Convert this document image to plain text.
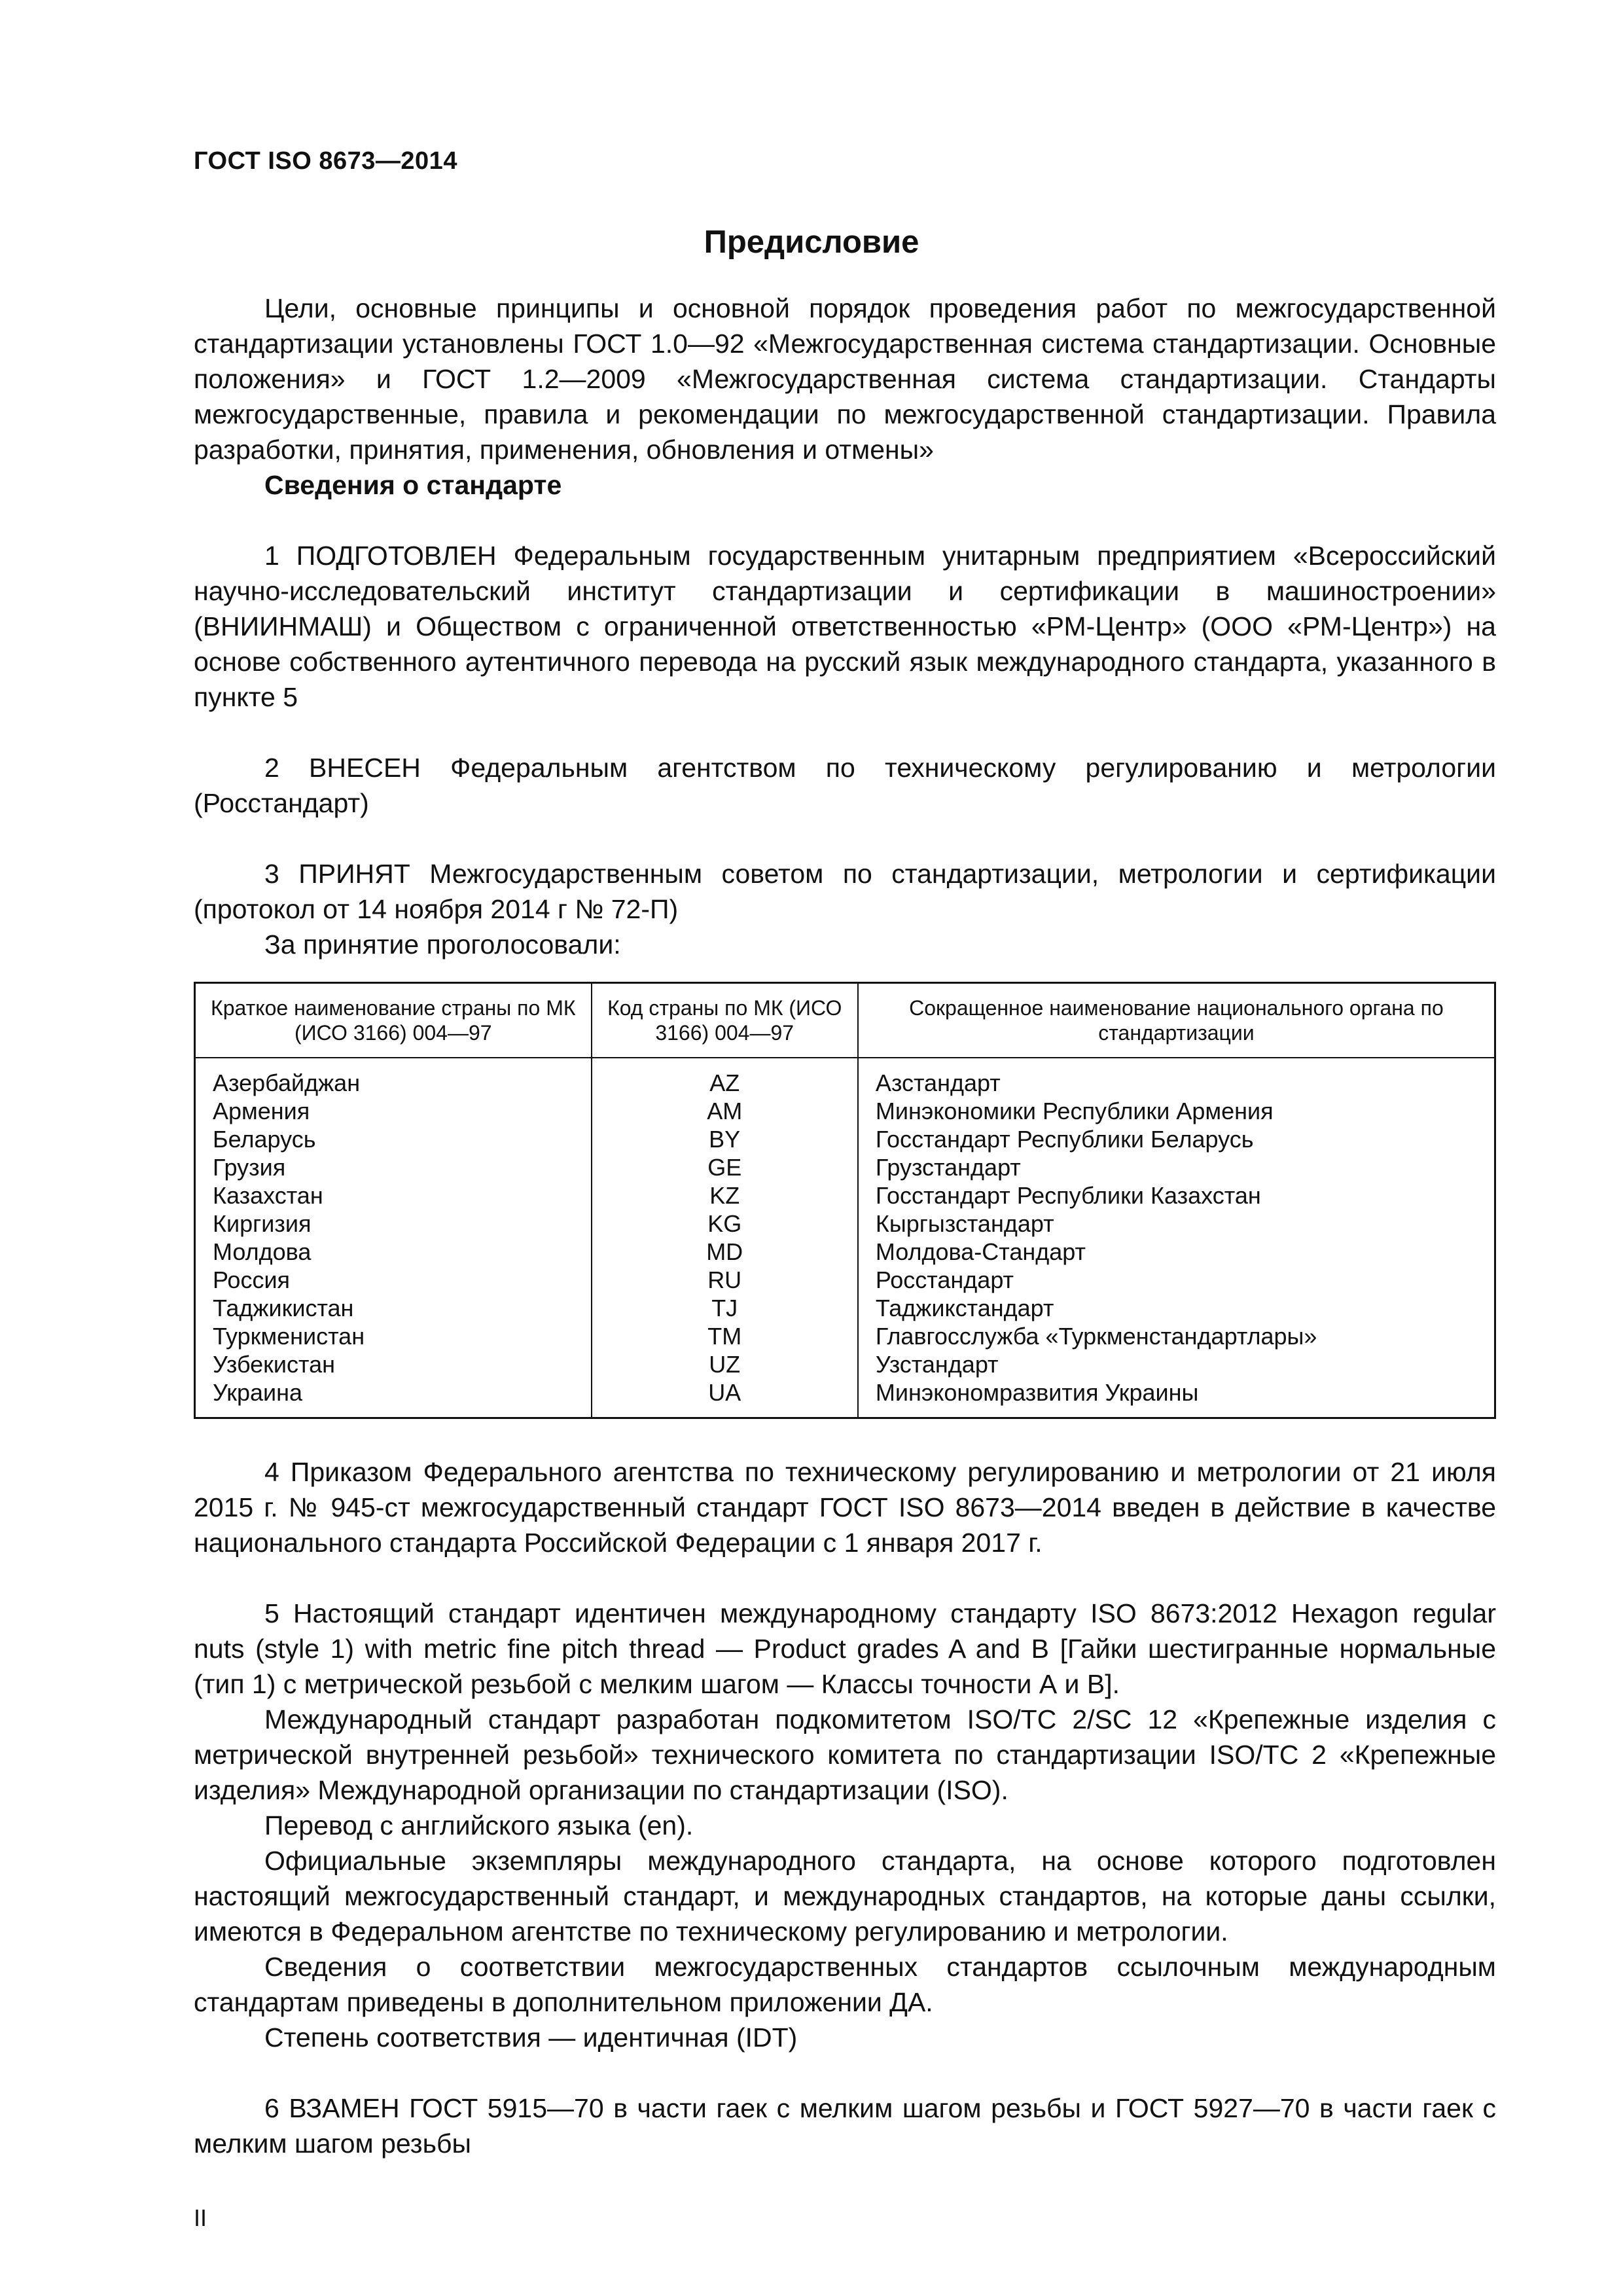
ГОСТ ISO 8673—2014
Предисловие

Цели, основные принципы и основной порядок проведения работ по межгосударственной стандартизации установлены ГОСТ 1.0—92 «Межгосударственная система стандартизации. Основные положения» и ГОСТ 1.2—2009 «Межгосударственная система стандартизации. Стандарты межгосударственные, правила и рекомендации по межгосударственной стандартизации. Правила разработки, принятия, применения, обновления и отмены»

Сведения о стандарте

1 ПОДГОТОВЛЕН Федеральным государственным унитарным предприятием «Всероссийский научно-исследовательский институт стандартизации и сертификации в машиностроении» (ВНИИНМАШ) и Обществом с ограниченной ответственностью «РМ-Центр» (ООО «РМ-Центр») на основе собственного аутентичного перевода на русский язык международного стандарта, указанного в пункте 5

2 ВНЕСЕН Федеральным агентством по техническому регулированию и метрологии (Росстандарт)

3 ПРИНЯТ Межгосударственным советом по стандартизации, метрологии и сертификации (протокол от 14 ноября 2014 г № 72-П)

За принятие проголосовали:

Краткое наименование страны по МК (ИСО 3166) 004—97	Код страны по МК (ИСО 3166) 004—97	Сокращенное наименование национального органа по стандартизации
Азербайджан	AZ	Азстандарт
Армения	AM	Минэкономики Республики Армения
Беларусь	BY	Госстандарт Республики Беларусь
Грузия	GE	Грузстандарт
Казахстан	KZ	Госстандарт Республики Казахстан
Киргизия	KG	Кыргызстандарт
Молдова	MD	Молдова-Стандарт
Россия	RU	Росстандарт
Таджикистан	TJ	Таджикстандарт
Туркменистан	TM	Главгосслужба «Туркменстандартлары»
Узбекистан	UZ	Узстандарт
Украина	UA	Минэкономразвития Украины

4 Приказом Федерального агентства по техническому регулированию и метрологии от 21 июля 2015 г. № 945-ст межгосударственный стандарт ГОСТ ISO 8673—2014 введен в действие в качестве национального стандарта Российской Федерации с 1 января 2017 г.

5 Настоящий стандарт идентичен международному стандарту ISO 8673:2012 Hexagon regular nuts (style 1) with metric fine pitch thread — Product grades A and B [Гайки шестигранные нормальные (тип 1) с метрической резьбой с мелким шагом — Классы точности А и В].

Международный стандарт разработан подкомитетом ISO/TC 2/SC 12 «Крепежные изделия с метрической внутренней резьбой» технического комитета по стандартизации ISO/TC 2 «Крепежные изделия» Международной организации по стандартизации (ISO).

Перевод с английского языка (en).

Официальные экземпляры международного стандарта, на основе которого подготовлен настоящий межгосударственный стандарт, и международных стандартов, на которые даны ссылки, имеются в Федеральном агентстве по техническому регулированию и метрологии.

Сведения о соответствии межгосударственных стандартов ссылочным международным стандартам приведены в дополнительном приложении ДА.

Степень соответствия — идентичная (IDT)

6 ВЗАМЕН ГОСТ 5915—70 в части гаек с мелким шагом резьбы и ГОСТ 5927—70 в части гаек с мелким шагом резьбы

II
